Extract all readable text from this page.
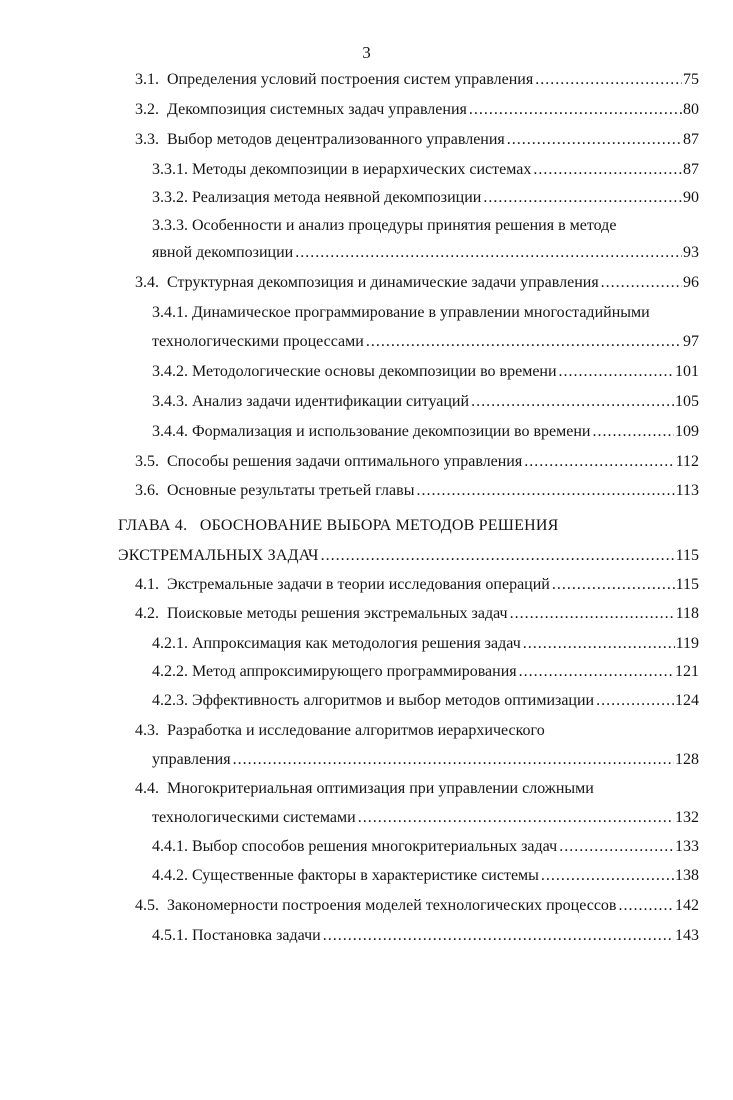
3
3.1. Определения условий построения систем управления .....	75
3.2. Декомпозиция системных задач управления .....	80
3.3. Выбор методов децентрализованного управления .....	87
3.3.1. Методы декомпозиции в иерархических системах .....	87
3.3.2. Реализация метода неявной декомпозиции .....	90
3.3.3. Особенности и анализ процедуры принятия решения в методе
явной декомпозиции .....	93
3.4. Структурная декомпозиция и динамические задачи управления .....	96
3.4.1. Динамическое программирование в управлении многостадийными
технологическими процессами .....	97
3.4.2. Методологические основы декомпозиции во времени .....	101
3.4.3. Анализ задачи идентификации ситуаций .....	105
3.4.4. Формализация и использование декомпозиции во времени .....	109
3.5. Способы решения задачи оптимального управления .....	112
3.6. Основные результаты третьей главы .....	113
ГЛАВА 4. ОБОСНОВАНИЕ ВЫБОРА МЕТОДОВ РЕШЕНИЯ
ЭКСТРЕМАЛЬНЫХ ЗАДАЧ .....	115
4.1. Экстремальные задачи в теории исследования операций .....	115
4.2. Поисковые методы решения экстремальных задач .....	118
4.2.1. Аппроксимация как методология решения задач .....	119
4.2.2. Метод аппроксимирующего программирования .....	121
4.2.3. Эффективность алгоритмов и выбор методов оптимизации .....	124
4.3. Разработка и исследование алгоритмов иерархического
управления .....	128
4.4. Многокритериальная оптимизация при управлении сложными
технологическими системами .....	132
4.4.1. Выбор способов решения многокритериальных задач .....	133
4.4.2. Существенные факторы в характеристике системы .....	138
4.5. Закономерности построения моделей технологических процессов .....	142
4.5.1. Постановка задачи .....	143
